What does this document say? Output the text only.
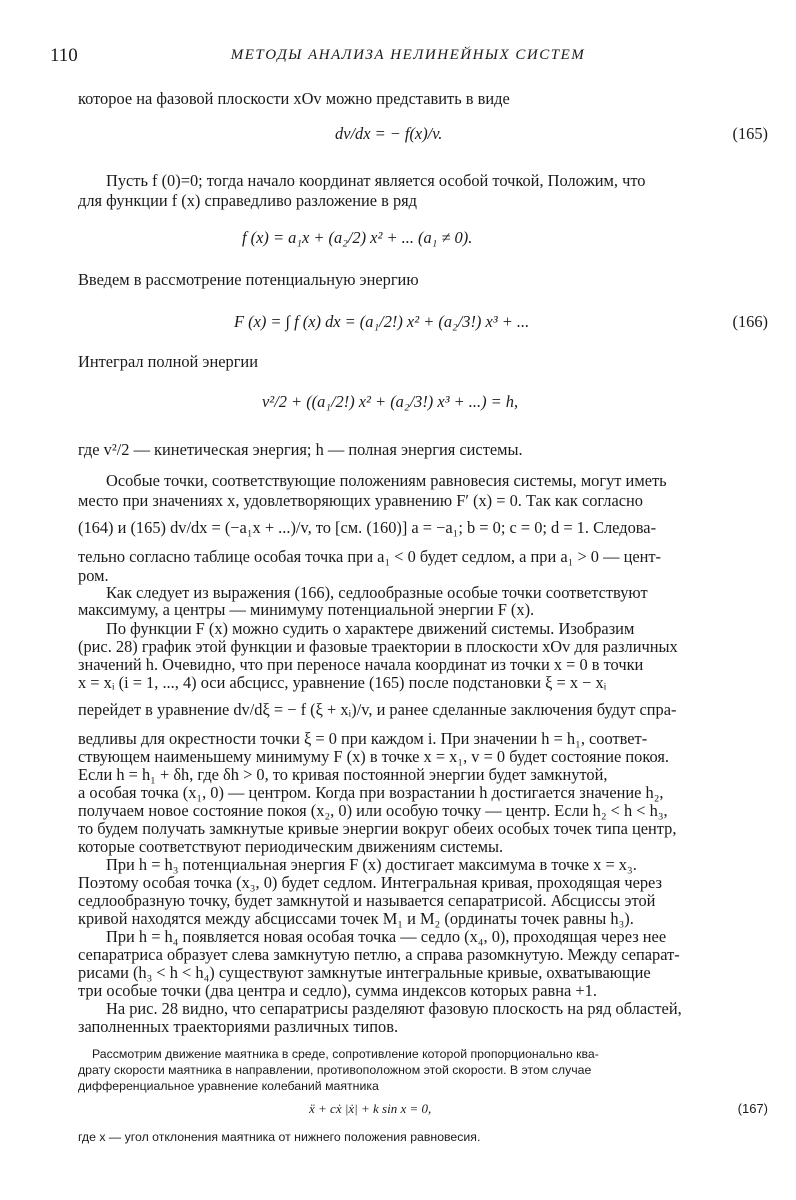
110	МЕТОДЫ АНАЛИЗА НЕЛИНЕЙНЫХ СИСТЕМ
которое на фазовой плоскости xOv можно представить в виде
dv/dx = − f(x)/v.	(165)
Пусть f (0)=0; тогда начало координат является особой точкой, Положим, что
для функции f (x) справедливо разложение в ряд
f (x) = a₁x + (a₂/2) x² + ... (a₁ ≠ 0).
Введем в рассмотрение потенциальную энергию
F (x) = ∫ f (x) dx = (a₁/2!) x² + (a₂/3!) x³ + ...	(166)
Интеграл полной энергии
v²/2 + ((a₁/2!) x² + (a₂/3!) x³ + ...) = h,
где v²/2 — кинетическая энергия; h — полная энергия системы.
Особые точки, соответствующие положениям равновесия системы, могут иметь
место при значениях x, удовлетворяющих уравнению F′ (x) = 0. Так как согласно
(164) и (165) dv/dx = (−a₁x + ...)/v, то [см. (160)] a = −a₁; b = 0; c = 0; d = 1. Следова-
тельно согласно таблице особая точка при a₁ < 0 будет седлом, а при a₁ > 0 — цент-
ром.
Как следует из выражения (166), седлообразные особые точки соответствуют
максимуму, а центры — минимуму потенциальной энергии F (x).
По функции F (x) можно судить о характере движений системы. Изобразим
(рис. 28) график этой функции и фазовые траектории в плоскости xOv для различных
значений h. Очевидно, что при переносе начала координат из точки x = 0 в точки
x = xᵢ (i = 1, ..., 4) оси абсцисс, уравнение (165) после подстановки ξ = x − xᵢ
перейдет в уравнение dv/dξ = − f (ξ + xᵢ)/v, и ранее сделанные заключения будут спра-
ведливы для окрестности точки ξ = 0 при каждом i. При значении h = h₁, соответ-
ствующем наименьшему минимуму F (x) в точке x = x₁, v = 0 будет состояние покоя.
Если h = h₁ + δh, где δh > 0, то кривая постоянной энергии будет замкнутой,
а особая точка (x₁, 0) — центром. Когда при возрастании h достигается значение h₂,
получаем новое состояние покоя (x₂, 0) или особую точку — центр. Если h₂ < h < h₃,
то будем получать замкнутые кривые энергии вокруг обеих особых точек типа центр,
которые соответствуют периодическим движениям системы.
При h = h₃ потенциальная энергия F (x) достигает максимума в точке x = x₃.
Поэтому особая точка (x₃, 0) будет седлом. Интегральная кривая, проходящая через
седлообразную точку, будет замкнутой и называется сепаратрисой. Абсциссы этой
кривой находятся между абсциссами точек M₁ и M₂ (ординаты точек равны h₃).
При h = h₄ появляется новая особая точка — седло (x₄, 0), проходящая через нее
сепаратриса образует слева замкнутую петлю, а справа разомкнутую. Между сепарат-
рисами (h₃ < h < h₄) существуют замкнутые интегральные кривые, охватывающие
три особые точки (два центра и седло), сумма индексов которых равна +1.
На рис. 28 видно, что сепаратрисы разделяют фазовую плоскость на ряд областей,
заполненных траекториями различных типов.
Рассмотрим движение маятника в среде, сопротивление которой пропорционально ква-
драту скорости маятника в направлении, противоположном этой скорости. В этом случае
дифференциальное уравнение колебаний маятника
ẍ + cẋ |ẋ| + k sin x = 0,	(167)
где x — угол отклонения маятника от нижнего положения равновесия.
